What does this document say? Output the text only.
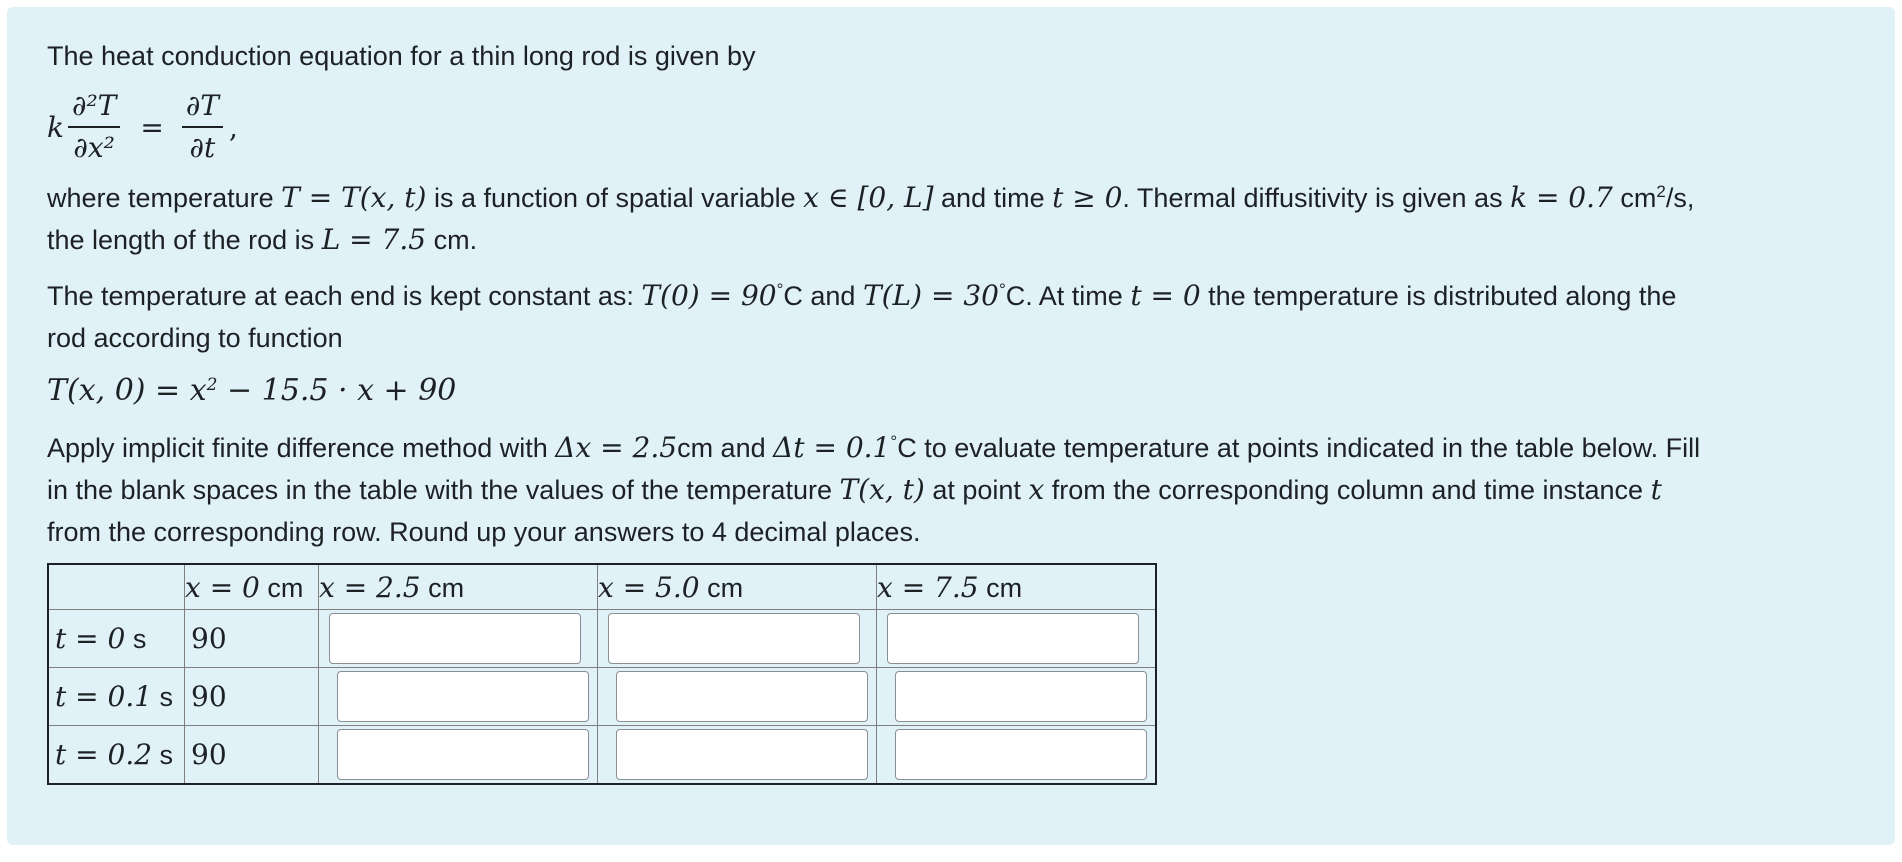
The heat conduction equation for a thin long rod is given by

k $\frac{\text{∂²T}}{\text{∂x²}} = \frac{\partial T}{\partial t}$ ,

where temperature T = T(x, t) is a function of spatial variable x ∈ [0, L] and time t ≥ 0. Thermal diffusitivity is given as k = 0.7 $cm^2/s$,
the length of the rod is L = 7.5 cm.

The temperature at each end is kept constant as: T(0) = 90°C and T(L) = 30°C. At time t = 0 the temperature is distributed along the
rod according to function

T(x, $0) = x^2 - 15.5 \cdot x + 90$

Apply implicit finite difference method with Δx = 2.5cm and Δt = 0.1°C to evaluate temperature at points indicated in the table below. Fill
in the blank spaces in the table with the values of the temperature T(x, t) at point x from the corresponding column and time instance t
from the corresponding row. Round up your answers to 4 decimal places.

	x = 0 cm	x = 2.5 cm	x = 5.0 cm	x = 7.5 cm
t = 0 s	90	

t = 0.1 s	90	

t = 0.2 s	90	
